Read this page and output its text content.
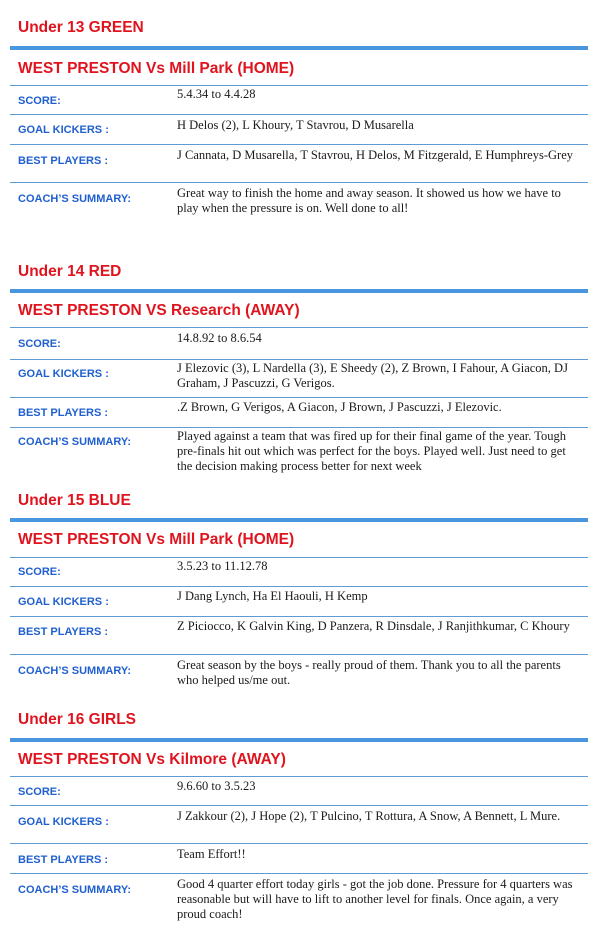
Under 13 GREEN
WEST PRESTON Vs Mill Park (HOME)
SCORE:	5.4.34 to 4.4.28
GOAL KICKERS :	H Delos (2), L Khoury, T Stavrou, D Musarella
BEST PLAYERS :	J Cannata, D Musarella, T Stavrou, H Delos, M Fitzgerald, E Humphreys-Grey
COACH’S SUMMARY:	Great way to finish the home and away season. It showed us how we have to play when the pressure is on. Well done to all!
Under 14 RED
WEST PRESTON VS Research (AWAY)
SCORE:	14.8.92 to 8.6.54
GOAL KICKERS :	J Elezovic (3), L Nardella (3), E Sheedy (2), Z Brown, I Fahour, A Giacon, DJ Graham, J Pascuzzi, G Verigos.
BEST PLAYERS :	.Z Brown, G Verigos, A Giacon, J Brown, J Pascuzzi, J Elezovic.
COACH’S SUMMARY:	Played against a team that was fired up for their final game of the year. Tough pre-finals hit out which was perfect for the boys. Played well. Just need to get the decision making process better for next week
Under 15 BLUE
WEST PRESTON Vs Mill Park (HOME)
SCORE:	3.5.23 to 11.12.78
GOAL KICKERS :	J Dang Lynch, Ha El Haouli, H Kemp
BEST PLAYERS :	Z Piciocco, K Galvin King, D Panzera, R Dinsdale, J Ranjithkumar, C Khoury
COACH’S SUMMARY:	Great season by the boys - really proud of them. Thank you to all the parents who helped us/me out.
Under 16 GIRLS
WEST PRESTON Vs Kilmore (AWAY)
SCORE:	9.6.60 to 3.5.23
GOAL KICKERS :	J Zakkour (2), J Hope (2), T Pulcino, T Rottura, A Snow, A Bennett, L Mure.
BEST PLAYERS :	Team Effort!!
COACH’S SUMMARY:	Good 4 quarter effort today girls - got the job done. Pressure for 4 quarters was reasonable but will have to lift to another level for finals. Once again, a very proud coach!
